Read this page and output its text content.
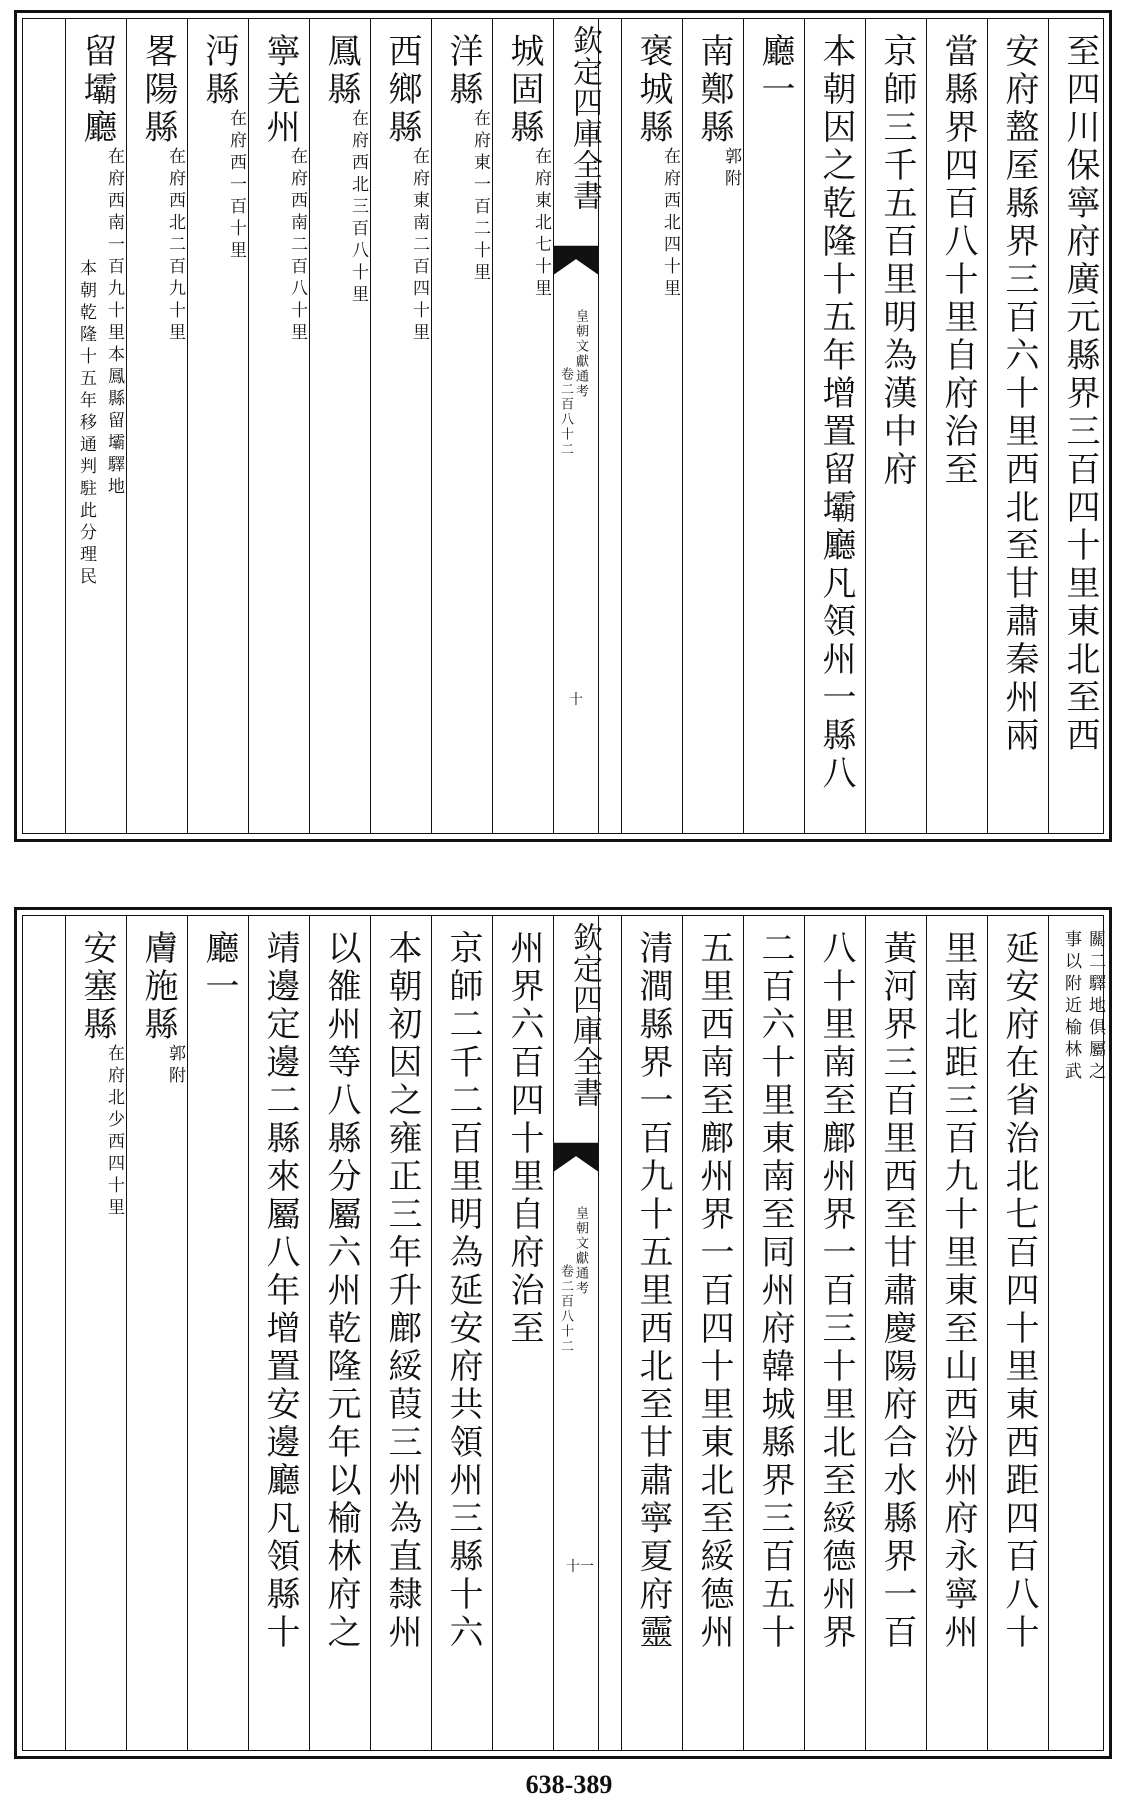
至四川保寧府廣元縣界三百四十里東北至西
安府盩厔縣界三百六十里西北至甘肅秦州兩
當縣界四百八十里自府治至
京師三千五百里明為漢中府
本朝因之乾隆十五年增置留壩廳凡領州一縣八
廳一
南鄭縣
郭附
褒城縣
在府西北四十里
城固縣
在府東北七十里
洋縣
在府東一百二十里
西鄉縣
在府東南二百四十里
鳳縣
在府西北三百八十里
寧羌州
在府西南二百八十里
沔縣
在府西一百十里
畧陽縣
在府西北二百九十里
留壩廳
在府西南一百九十里本鳳縣留壩驛地
本朝乾隆十五年移通判駐此分理民
欽定四庫全書
皇朝文獻通考
卷二百八十二
十
事以附近榆林武 關二驛地俱屬之
延安府在省治北七百四十里東西距四百八十
里南北距三百九十里東至山西汾州府永寧州
黃河界三百里西至甘肅慶陽府合水縣界一百
八十里南至鄜州界一百三十里北至綏德州界
二百六十里東南至同州府韓城縣界三百五十
五里西南至鄜州界一百四十里東北至綏德州
清澗縣界一百九十五里西北至甘肅寧夏府靈
州界六百四十里自府治至
京師二千二百里明為延安府共領州三縣十六
本朝初因之雍正三年升鄜綏葭三州為直隸州
以雒州等八縣分屬六州乾隆元年以榆林府之
靖邊定邊二縣來屬八年增置安邊廳凡領縣十
廳一
膚施縣
郭附
安塞縣
在府北少西四十里
欽定四庫全書
皇朝文獻通考
卷二百八十二
十一
638-389
